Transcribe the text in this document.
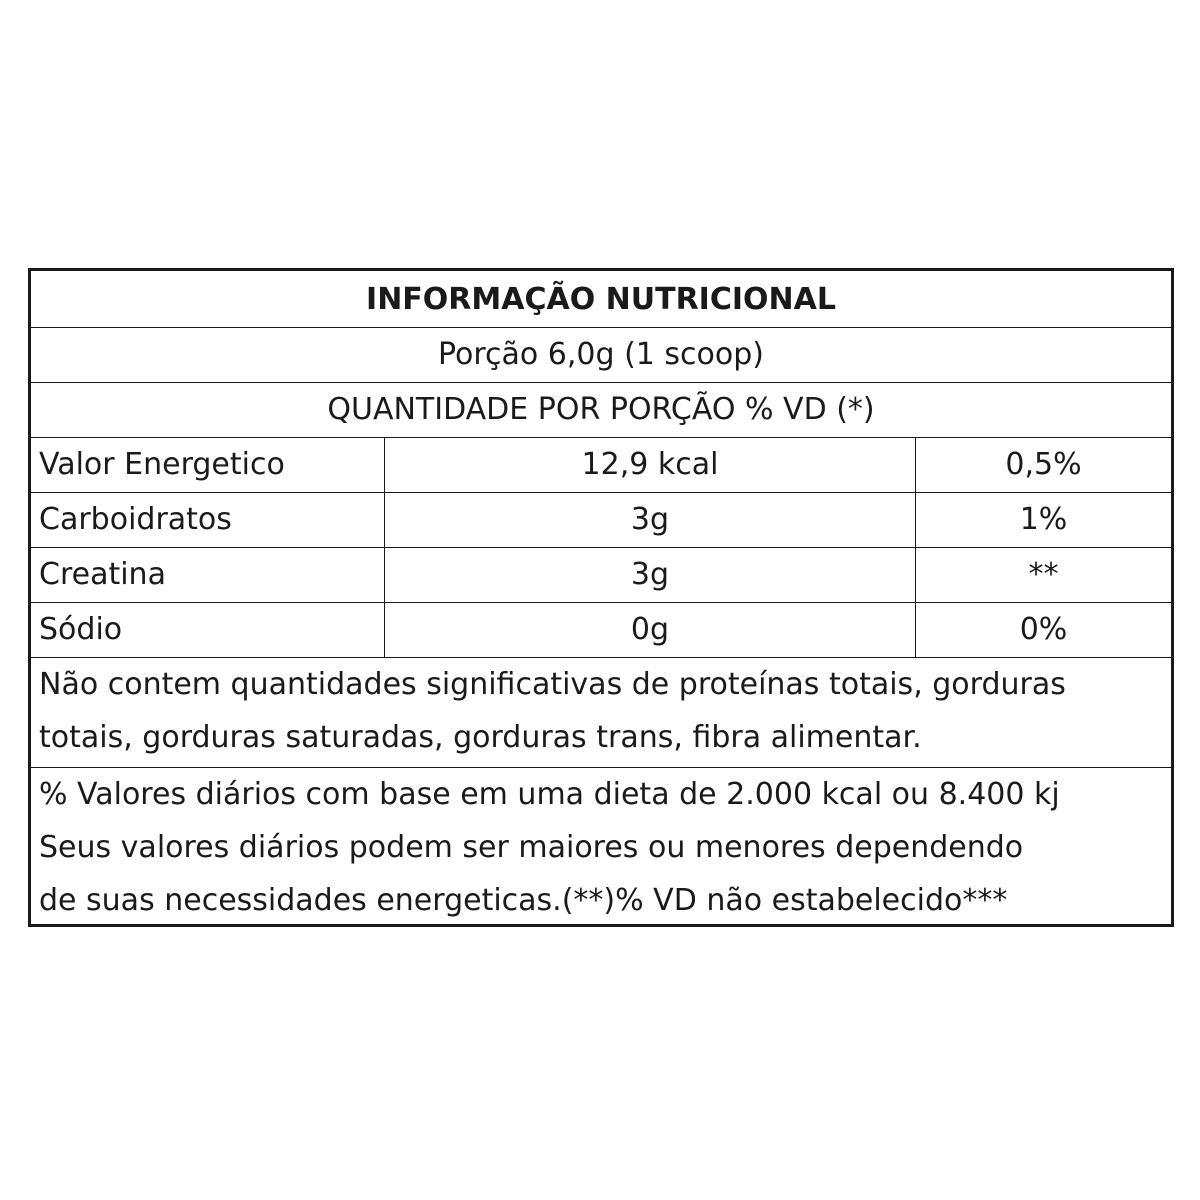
INFORMAÇÃO NUTRICIONAL
Porção 6,0g (1 scoop)
QUANTIDADE POR PORÇÃO % VD (*)
Valor Energetico	12,9 kcal	0,5%
Carboidratos	3g	1%
Creatina	3g	**
Sódio	0g	0%
Não contem quantidades significativas de proteínas totais, gorduras
totais, gorduras saturadas, gorduras trans, fibra alimentar.
% Valores diários com base em uma dieta de 2.000 kcal ou 8.400 kj
Seus valores diários podem ser maiores ou menores dependendo
de suas necessidades energeticas.(**)% VD não estabelecido***
